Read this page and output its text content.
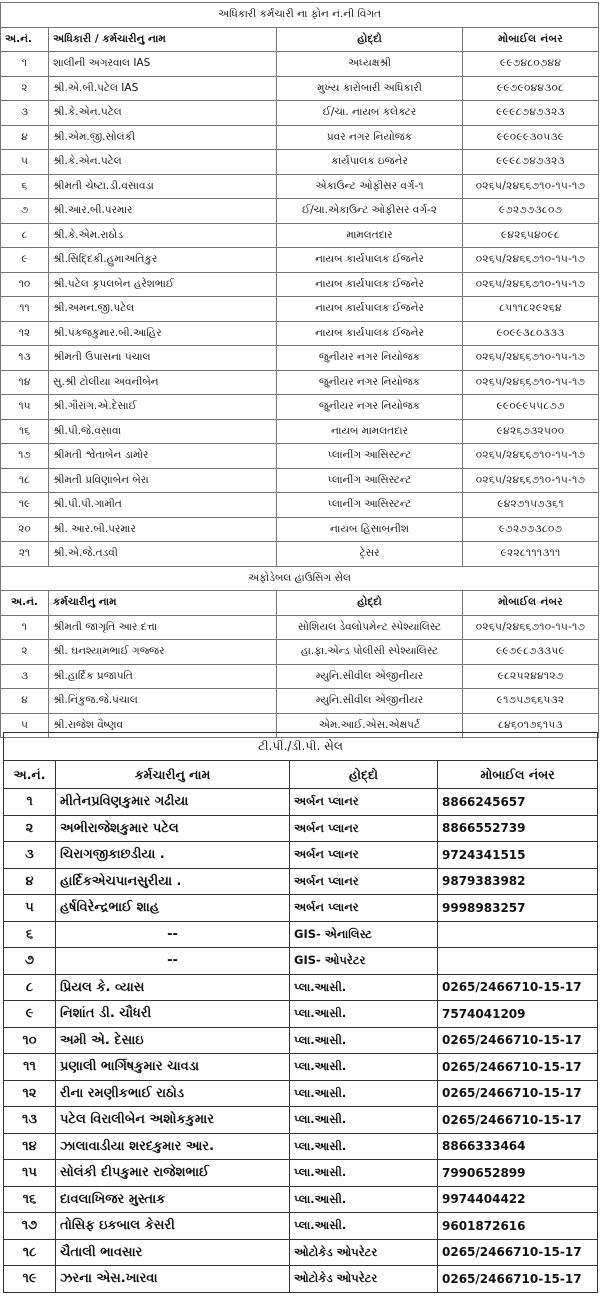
અધિકારી કર્મચારી ના ફોન નં.ની વિગત			
અ.નં.	અધિકારી / કર્મચારીનુ નામ	હોદ્દો	મોબાઈલ નંબર
૧	શાલીની અગરવાલ IAS	અધ્યક્ષશ્રી	૯૯૭૪૮૦૭૪૪
૨	શ્રી.એ.બી.પટેલ IAS	મુખ્ય કારોબારી અધિકારી	૯૯૭૯૦૪૪૩૦૮
૩	શ્રી.કે.એન.પટેલ	ઈ/ચા. નાયબ કલેક્ટર	૯૯૯૮૭૪૭૩૨૩
૪	શ્રી.એમ.જી.સોલંકી	પ્રવર નગર નિયોજક	૯૯૦૯૯૩૦૫૩૯
૫	શ્રી.કે.એન.પટેલ	કાર્યપાલક ઇજનેર	૯૯૯૮૭૪૭૩૨૩
૬	શ્રીમતી ચેષ્ટા.ડી.વસાવડા	એકાઉન્ટ ઓફીસર વર્ગ-૧	૦૨૬૫/૨૪૬૬૭૧૦-૧૫-૧૭
૭	શ્રી.આર.બી.પરમાર	ઈ/ચા.એકાઉન્ટ ઓફીસર વર્ગ-૨	૯૭૨૭૭૩૮૦૭
૮	શ્રી.કે.એમ.રાઠોડ	મામલતદાર	૯૪૨૬૫૪૦૯૮
૯	શ્રી.સિદ્દિકી.હુમાઅતિકુર	નાયબ કાર્યપાલક ઈજનેર	૦૨૬૫/૨૪૬૬૭૧૦-૧૫-૧૭
૧૦	શ્રી.પટેલ કૃપલબેન હરેશભાઈ	નાયબ કાર્યપાલક ઈજનેર	૦૨૬૫/૨૪૬૬૭૧૦-૧૫-૧૭
૧૧	શ્રી.અમન.જી.પટેલ	નાયબ કાર્યપાલક ઈજનેર	૮૫૧૧૮૨૯૨૬૪
૧૨	શ્રી.પંકજકુમાર.બી.આહિર	નાયબ કાર્યપાલક ઈજનેર	૯૦૯૯૩૮૦૩૩૩
૧૩	શ્રીમતી ઉપાસના પંચાલ	જુનીયર નગર નિયોજક	૦૨૬૫/૨૪૬૬૭૧૦-૧૫-૧૭
૧૪	સુ.શ્રી ટોલીયા અવનીબેન	જુનીયર નગર નિયોજક	૦૨૬૫/૨૪૬૬૭૧૦-૧૫-૧૭
૧૫	શ્રી.ગૌરાંગ.એ.દેસાઈ	જુનીયર નગર નિયોજક	૯૯૦૯૯૫૫૮૭૭
૧૬	શ્રી.પી.જે.વસાવા	નાયબ મામલતદાર	૯૪૨૬૭૩૨૫૦૦
૧૭	શ્રીમતી શ્વેતાબેન ડામોર	પ્લાનીંગ આસિસ્ટન્ટ	૦૨૬૫/૨૪૬૬૭૧૦-૧૫-૧૭
૧૮	શ્રીમતી પ્રવિણાબેન બેરા	પ્લાનીંગ આસિસ્ટન્ટ	૦૨૬૫/૨૪૬૬૭૧૦-૧૫-૧૭
૧૯	શ્રી.પી.પી.ગામીત	પ્લાનીંગ આસિસ્ટન્ટ	૯૪૨૭૧૫૭૩૬૧
૨૦	શ્રી. આર.બી.પરમાર	નાયબ હિસાબનીશ	૯૭૨૭૭૩૮૦૭
૨૧	શ્રી.એ.જે.તડવી	ટ્રેસર	૯૨૨૮૧૧૧૩૧૧
અફોડેબલ હાઉસિંગ સેલ			
અ.નં.	કર્મચારીનુ નામ	હોદ્દો	મોબાઈલ નંબર
૧	શ્રીમતી જાગૃતિ આર દત્તા	સોશિયલ ડેવલોપમેન્ટ સ્પેશ્યાલિસ્ટ	૦૨૬૫/૨૪૬૬૭૧૦-૧૫-૧૭
૨	શ્રી. ઘનશ્યામભાઈ ગજ્જર	હા.ફા.એન્ડ પોલીસી સ્પેશ્યાલિસ્ટ	૯૯૭૯૮૭૩૩૫૯
૩	શ્રી.હાર્દિક પ્રજાપતિ	મ્યુનિ.સીવીલ એંજીનીયર	૯૮૨૫૨૪૪૧૨૭
૪	શ્રી.નિંકુજ.જે.પંચાલ	મ્યુનિ.સીવીલ એંજીનીયર	૯૧૭૫૭૬૬૫૩૨
૫	શ્રી.રાજેશ વૈષ્ણવ	એમ.આઈ.એસ.એક્ષપર્ટ	૮૪૬૦૧૭૬૧૫૩
ટી.પી./ડી.પી. સેલ			
અ.નં.	કર્મચારીનુ નામ	હોદ્દો	મોબાઈલ નંબર
૧	મીતેનપ્રવિણકુમાર ગઢીયા	અર્બન પ્લાનર	8866245657
૨	અભીરાજેશકુમાર પટેલ	અર્બન પ્લાનર	8866552739
૩	ચિરાગજીકાછડીયા .	અર્બન પ્લાનર	9724341515
૪	હાર્દિકએચપાનસુરીયા .	અર્બન પ્લાનર	9879383982
૫	હર્ષવિરેન્દ્રભાઈ શાહ	અર્બન પ્લાનર	9998983257
૬	--	GIS- એનાલિસ્ટ	
૭	--	GIS- ઓપરેટર	
૮	પ્રિયલ કે. વ્યાસ	પ્લા.આસી.	0265/2466710-15-17
૯	નિશાંત ડી. ચૌધરી	પ્લા.આસી.	7574041209
૧૦	અમી એ. દેસાઇ	પ્લા.આસી.	0265/2466710-15-17
૧૧	પ્રણાલી ભાર્ગિષકુમાર ચાવડા	પ્લા.આસી.	0265/2466710-15-17
૧૨	રીના રમણીકભાઈ રાઠોડ	પ્લા.આસી.	0265/2466710-15-17
૧૩	પટેલ વિરાલીબેન અશોકકુમાર	પ્લા.આસી.	0265/2466710-15-17
૧૪	ઝાલાવાડીયા શરદકુમાર આર.	પ્લા.આસી.	8866333464
૧૫	સોલંકી દીપકુમાર રાજેશભાઈ	પ્લા.આસી.	7990652899
૧૬	દાવલાખિજર મુસ્તાક	પ્લા.આસી.	9974404422
૧૭	તોસિફ ઇકબાલ કેસરી	પ્લા.આસી.	9601872616
૧૮	ચૈતાલી ભાવસાર	ઓટોકેડ ઓપરેટર	0265/2466710-15-17
૧૯	ઝરના એસ.ખારવા	ઓટોકેડ ઓપરેટર	0265/2466710-15-17
